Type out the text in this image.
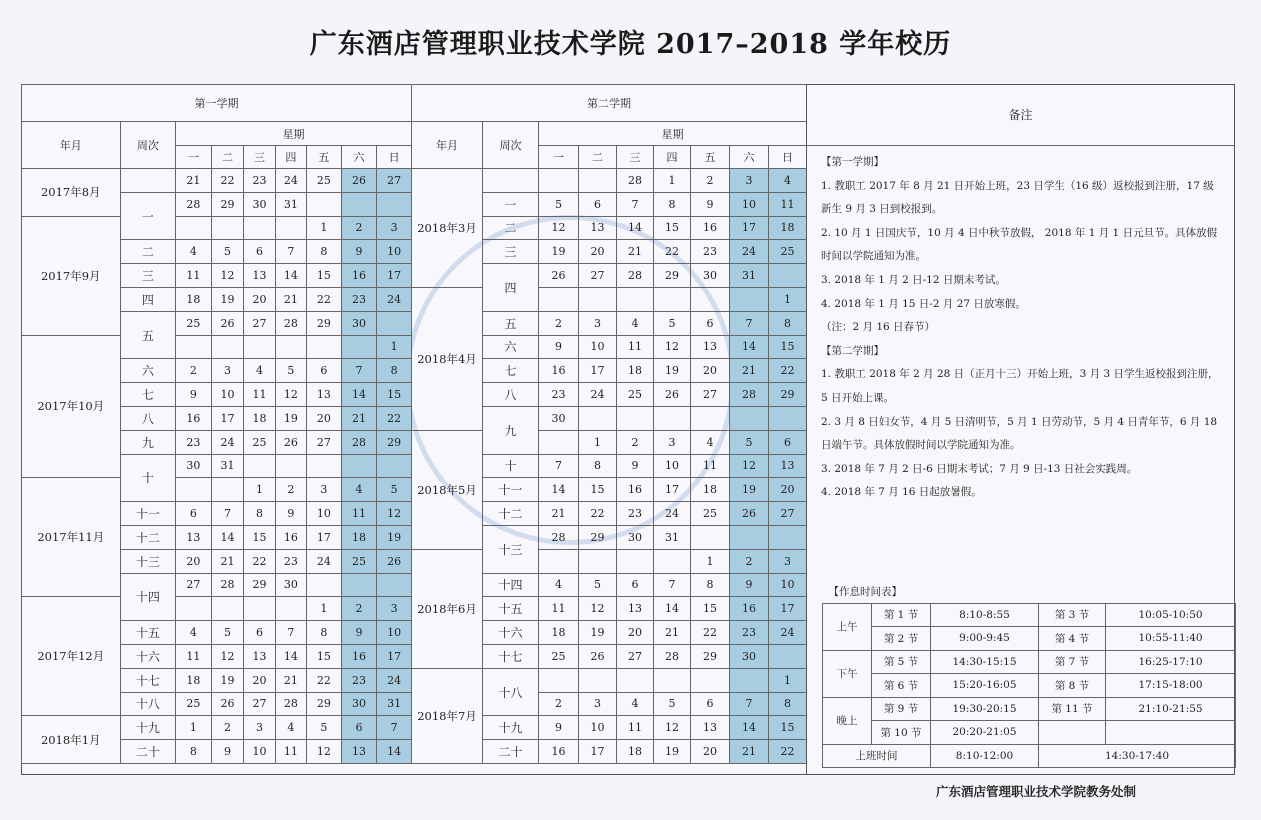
广东酒店管理职业技术学院 2017–2018 学年校历
第一学期								
年月	周次	星期						
		一	二	三	四	五	六	日
2017年8月		21	22	23	24	25	26	27
	一	28	29	30	31			
2017年9月						1	2	3
	二	4	5	6	7	8	9	10
	三	11	12	13	14	15	16	17
	四	18	19	20	21	22	23	24
	五	25	26	27	28	29	30	
2017年10月								1
	六	2	3	4	5	6	7	8
	七	9	10	11	12	13	14	15
	八	16	17	18	19	20	21	22
	九	23	24	25	26	27	28	29
	十	30	31					
2017年11月				1	2	3	4	5
	十一	6	7	8	9	10	11	12
	十二	13	14	15	16	17	18	19
	十三	20	21	22	23	24	25	26
	十四	27	28	29	30			
2017年12月						1	2	3
	十五	4	5	6	7	8	9	10
	十六	11	12	13	14	15	16	17
	十七	18	19	20	21	22	23	24
	十八	25	26	27	28	29	30	31
2018年1月	十九	1	2	3	4	5	6	7
	二十	8	9	10	11	12	13	14
第二学期								
年月	周次	星期						
		一	二	三	四	五	六	日
2018年3月				28	1	2	3	4
	一	5	6	7	8	9	10	11
	二	12	13	14	15	16	17	18
	三	19	20	21	22	23	24	25
	四	26	27	28	29	30	31	
2018年4月								1
	五	2	3	4	5	6	7	8
	六	9	10	11	12	13	14	15
	七	16	17	18	19	20	21	22
	八	23	24	25	26	27	28	29
	九	30						
2018年5月			1	2	3	4	5	6
	十	7	8	9	10	11	12	13
	十一	14	15	16	17	18	19	20
	十二	21	22	23	24	25	26	27
	十三	28	29	30	31			
2018年6月						1	2	3
	十四	4	5	6	7	8	9	10
	十五	11	12	13	14	15	16	17
	十六	18	19	20	21	22	23	24
	十七	25	26	27	28	29	30	
2018年7月	十八							1
		2	3	4	5	6	7	8
	十九	9	10	11	12	13	14	15
	二十	16	17	18	19	20	21	22
备注
【第一学期】
1. 教职工 2017 年 8 月 21 日开始上班，23 日学生（16 级）返校报到注册，17 级
新生 9 月 3 日到校报到。
2. 10 月 1 日国庆节，10 月 4 日中秋节放假， 2018 年 1 月 1 日元旦节。具体放假
时间以学院通知为准。
3. 2018 年 1 月 2 日-12 日期末考试。
4. 2018 年 1 月 15 日-2 月 27 日放寒假。
（注：2 月 16 日春节）
【第二学期】
1. 教职工 2018 年 2 月 28 日（正月十三）开始上班，3 月 3 日学生返校报到注册，
5 日开始上课。
2. 3 月 8 日妇女节，4 月 5 日清明节，5 月 1 日劳动节，5 月 4 日青年节，6 月 18
日端午节。具体放假时间以学院通知为准。
3. 2018 年 7 月 2 日-6 日期末考试；7 月 9 日-13 日社会实践周。
4. 2018 年 7 月 16 日起放暑假。
【作息时间表】				
上午	第 1 节	8:10-8:55	第 3 节	10:05-10:50
	第 2 节	9:00-9:45	第 4 节	10:55-11:40
下午	第 5 节	14:30-15:15	第 7 节	16:25-17:10
	第 6 节	15:20-16:05	第 8 节	17:15-18:00
晚上	第 9 节	19:30-20:15	第 11 节	21:10-21:55
	第 10 节	20:20-21:05		
上班时间		8:10-12:00	14:30-17:40	
广东酒店管理职业技术学院教务处制
